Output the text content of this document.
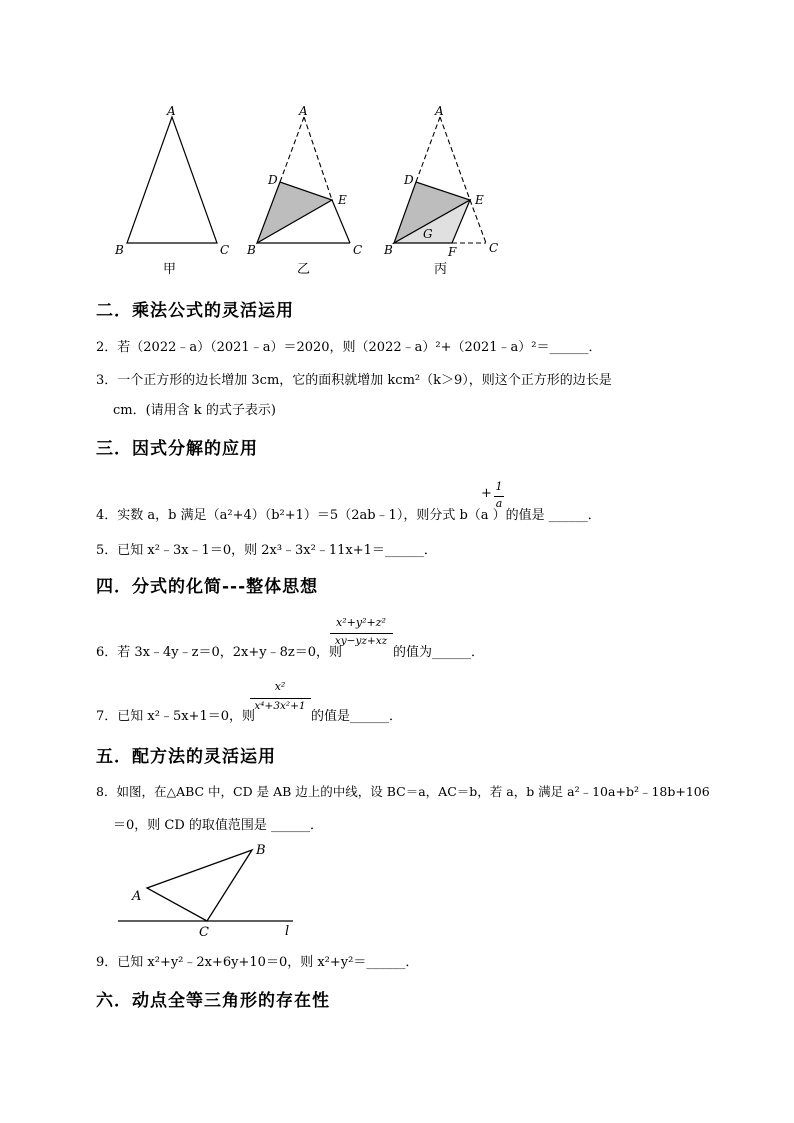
A
B	C
甲
A
D
E
B	C
乙
A
D
E
G
B	F	C
丙
二．乘法公式的灵活运用
2．若（2022﹣a）（2021﹣a）＝2020，则（2022﹣a）²+（2021﹣a）²＝______．
3．一个正方形的边长增加 3cm，它的面积就增加 kcm²（k＞9），则这个正方形的边长是
cm．(请用含 k 的式子表示)
三．因式分解的应用
4．实数 a，b 满足（a²+4）（b²+1）＝5（2ab﹣1），则分式 b（a ）的值是 ______．
+ 1
a
5．已知 x²﹣3x﹣1＝0，则 2x³﹣3x²﹣11x+1＝______．
四．分式的化简---整体思想
6．若 3x﹣4y﹣z＝0，2x+y﹣8z＝0，则
x²+y²+z²
xy−yz+xz
的值为______．
7．已知 x²﹣5x+1＝0，则
x²
x⁴+3x²+1
的值是______．
五．配方法的灵活运用
8．如图，在△ABC 中，CD 是 AB 边上的中线，设 BC＝a，AC＝b，若 a，b 满足 a²﹣10a+b²﹣18b+106
＝0，则 CD 的取值范围是 ______．
A
B
C	l
9．已知 x²+y²﹣2x+6y+10＝0，则 x²+y²＝______．
六．动点全等三角形的存在性
